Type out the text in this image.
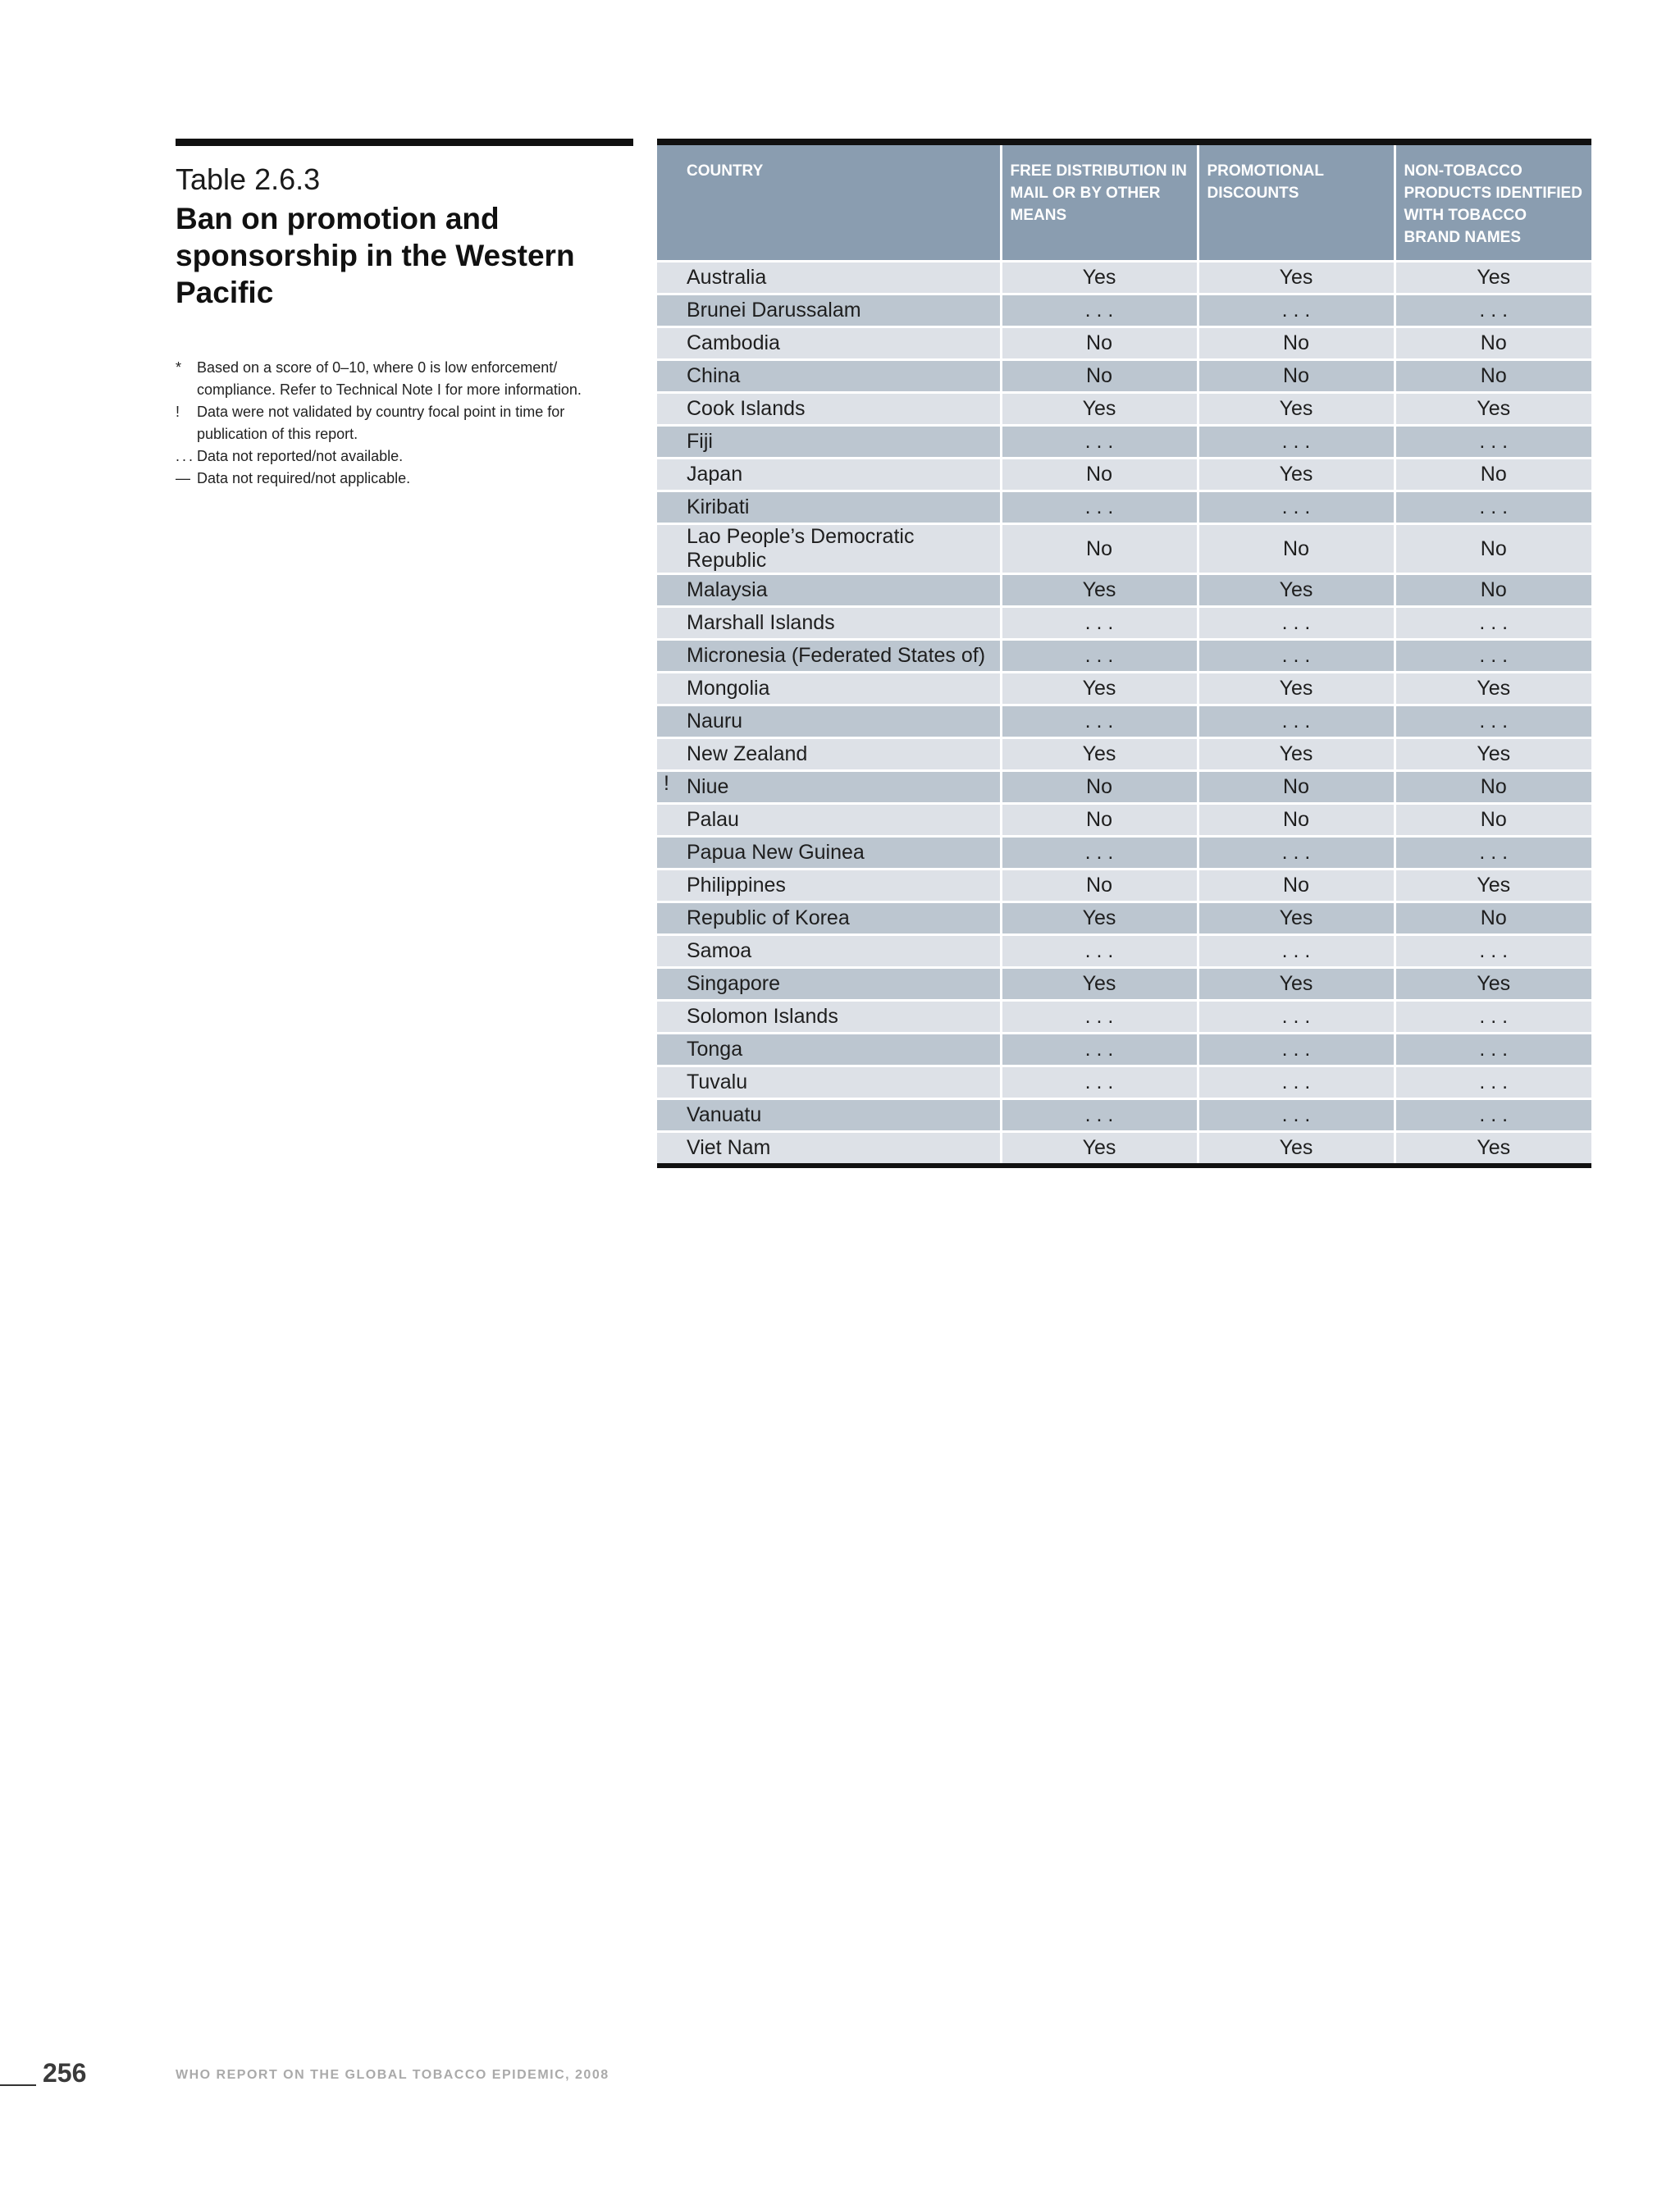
Table 2.6.3
Ban on promotion and sponsorship in the Western Pacific
*	Based on a score of 0–10, where 0 is low enforcement/ compliance. Refer to Technical Note I for more information.
!	Data were not validated by country focal point in time for publication of this report.
. . . Data not reported/not available.
— Data not required/not applicable.
COUNTRY	FREE DISTRIBUTION IN MAIL OR BY OTHER MEANS	PROMOTIONAL DISCOUNTS	NON-TOBACCO PRODUCTS IDENTIFIED WITH TOBACCO BRAND NAMES

Australia	Yes	Yes	Yes

Brunei Darussalam	. . .	. . .	. . .

Cambodia	No	No	No

China	No	No	No

Cook Islands	Yes	Yes	Yes

Fiji	. . .	. . .	. . .

Japan	No	Yes	No

Kiribati	. . .	. . .	. . .

Lao People’s Democratic Republic	No	No	No

Malaysia	Yes	Yes	No

Marshall Islands	. . .	. . .	. . .

Micronesia (Federated States of)	. . .	. . .	. . .

Mongolia	Yes	Yes	Yes

Nauru	. . .	. . .	. . .

New Zealand	Yes	Yes	Yes

! Niue	No	No	No

Palau	No	No	No

Papua New Guinea	. . .	. . .	. . .

Philippines	No	No	Yes

Republic of Korea	Yes	Yes	No

Samoa	. . .	. . .	. . .

Singapore	Yes	Yes	Yes

Solomon Islands	. . .	. . .	. . .

Tonga	. . .	. . .	. . .

Tuvalu	. . .	. . .	. . .

Vanuatu	. . .	. . .	. . .

Viet Nam	Yes	Yes	Yes
256	WHO REPORT ON THE GLOBAL TOBACCO EPIDEMIC, 2008
